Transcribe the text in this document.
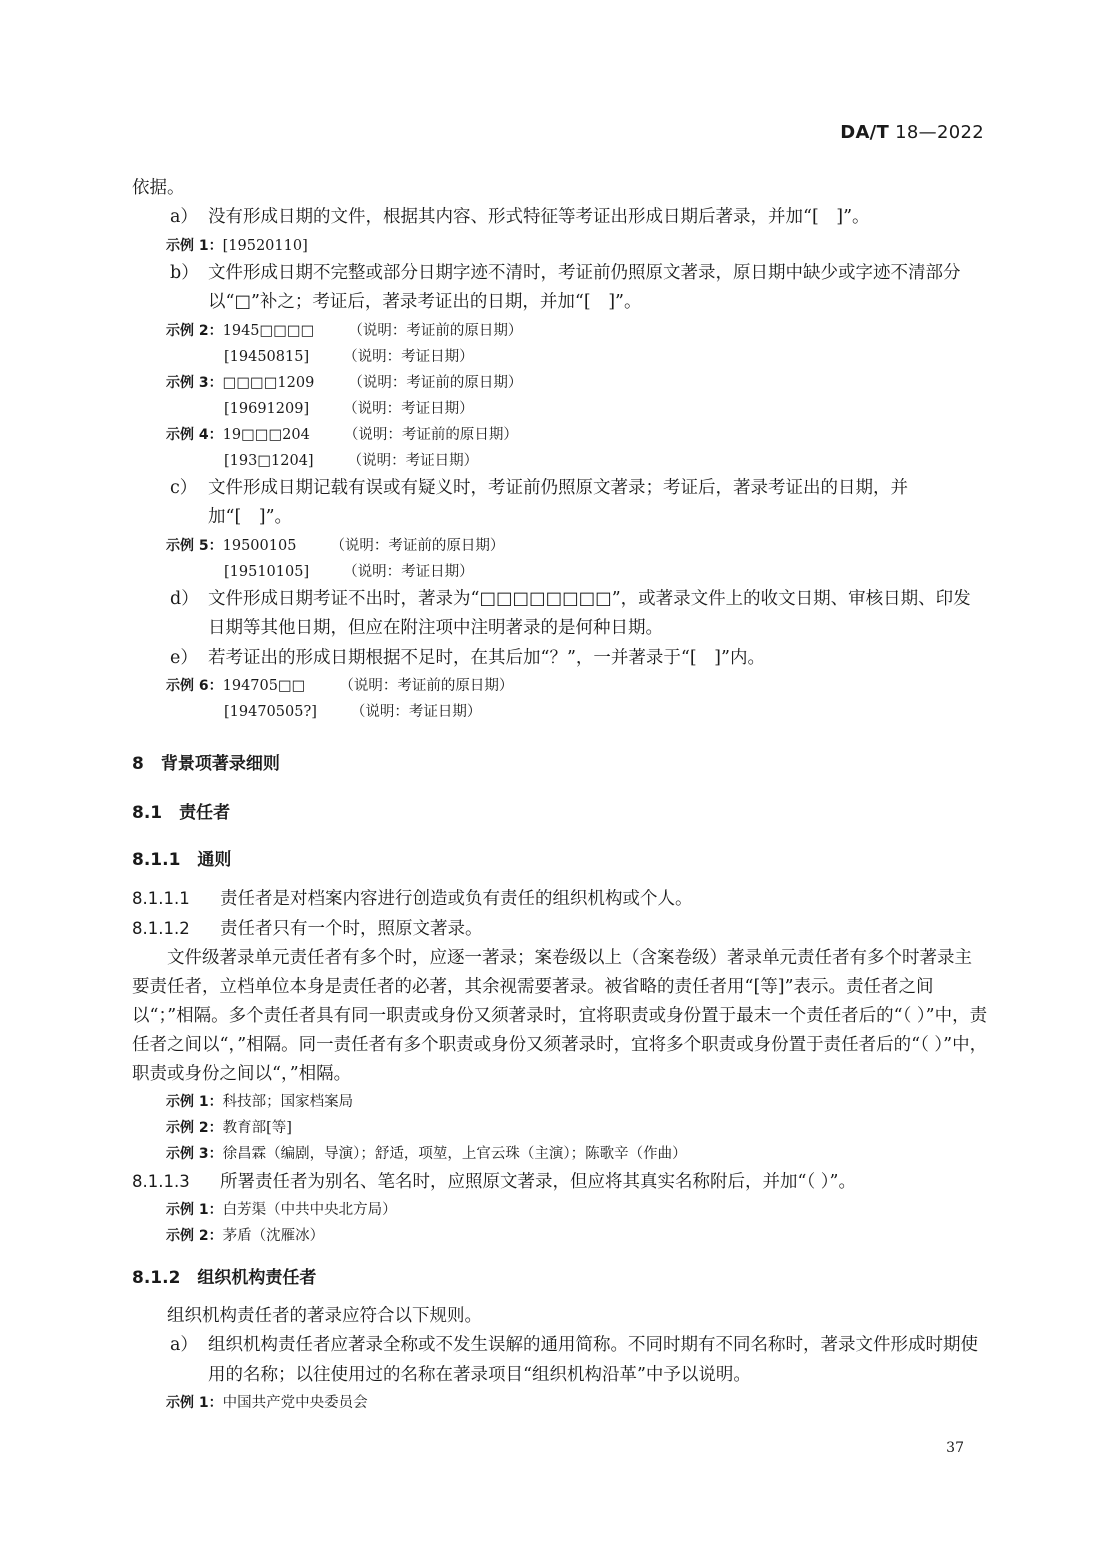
DA/T 18—2022

依据。

a） 没有形成日期的文件，根据其内容、形式特征等考证出形成日期后著录，并加“[　]”。

示例 1：[19520110]

b） 文件形成日期不完整或部分日期字迹不清时，考证前仍照原文著录，原日期中缺少或字迹不清部分以“□”补之；考证后，著录考证出的日期，并加“[　]”。

示例 2：1945□□□□ （说明：考证前的原日期）

[19450815] （说明：考证日期）

示例 3：□□□□1209 （说明：考证前的原日期）

[19691209] （说明：考证日期）

示例 4：19□□□204 （说明：考证前的原日期）

[193□1204] （说明：考证日期）

c） 文件形成日期记载有误或有疑义时，考证前仍照原文著录；考证后，著录考证出的日期，并加“[　]”。

示例 5：19500105 （说明：考证前的原日期）

[19510105] （说明：考证日期）

d） 文件形成日期考证不出时，著录为“□□□□□□□□”，或著录文件上的收文日期、审核日期、印发日期等其他日期，但应在附注项中注明著录的是何种日期。

e） 若考证出的形成日期根据不足时，在其后加“？”，一并著录于“[　]”内。

示例 6：194705□□ （说明：考证前的原日期）

[19470505?] （说明：考证日期）

8　 背景项著录细则

8.1　 责任者

8.1.1　 通则

8.1.1.1 责任者是对档案内容进行创造或负有责任的组织机构或个人。

8.1.1.2 责任者只有一个时，照原文著录。

文件级著录单元责任者有多个时，应逐一著录；案卷级以上（含案卷级）著录单元责任者有多个时著录主要责任者，立档单位本身是责任者的必著，其余视需要著录。被省略的责任者用“[等]”表示。责任者之间以“；”相隔。多个责任者具有同一职责或身份又须著录时，宜将职责或身份置于最末一个责任者后的“（ ）”中，责任者之间以“，”相隔。同一责任者有多个职责或身份又须著录时，宜将多个职责或身份置于责任者后的“（ ）”中，职责或身份之间以“，”相隔。

示例 1：科技部；国家档案局

示例 2：教育部[等]

示例 3：徐昌霖（编剧，导演）；舒适，项堃，上官云珠（主演）；陈歌辛（作曲）

8.1.1.3 所署责任者为别名、笔名时，应照原文著录，但应将其真实名称附后，并加“（ ）”。

示例 1：白芳渠（中共中央北方局）

示例 2：茅盾（沈雁冰）

8.1.2　 组织机构责任者

组织机构责任者的著录应符合以下规则。

a） 组织机构责任者应著录全称或不发生误解的通用简称。不同时期有不同名称时，著录文件形成时期使用的名称；以往使用过的名称在著录项目“组织机构沿革”中予以说明。

示例 1：中国共产党中央委员会

37
